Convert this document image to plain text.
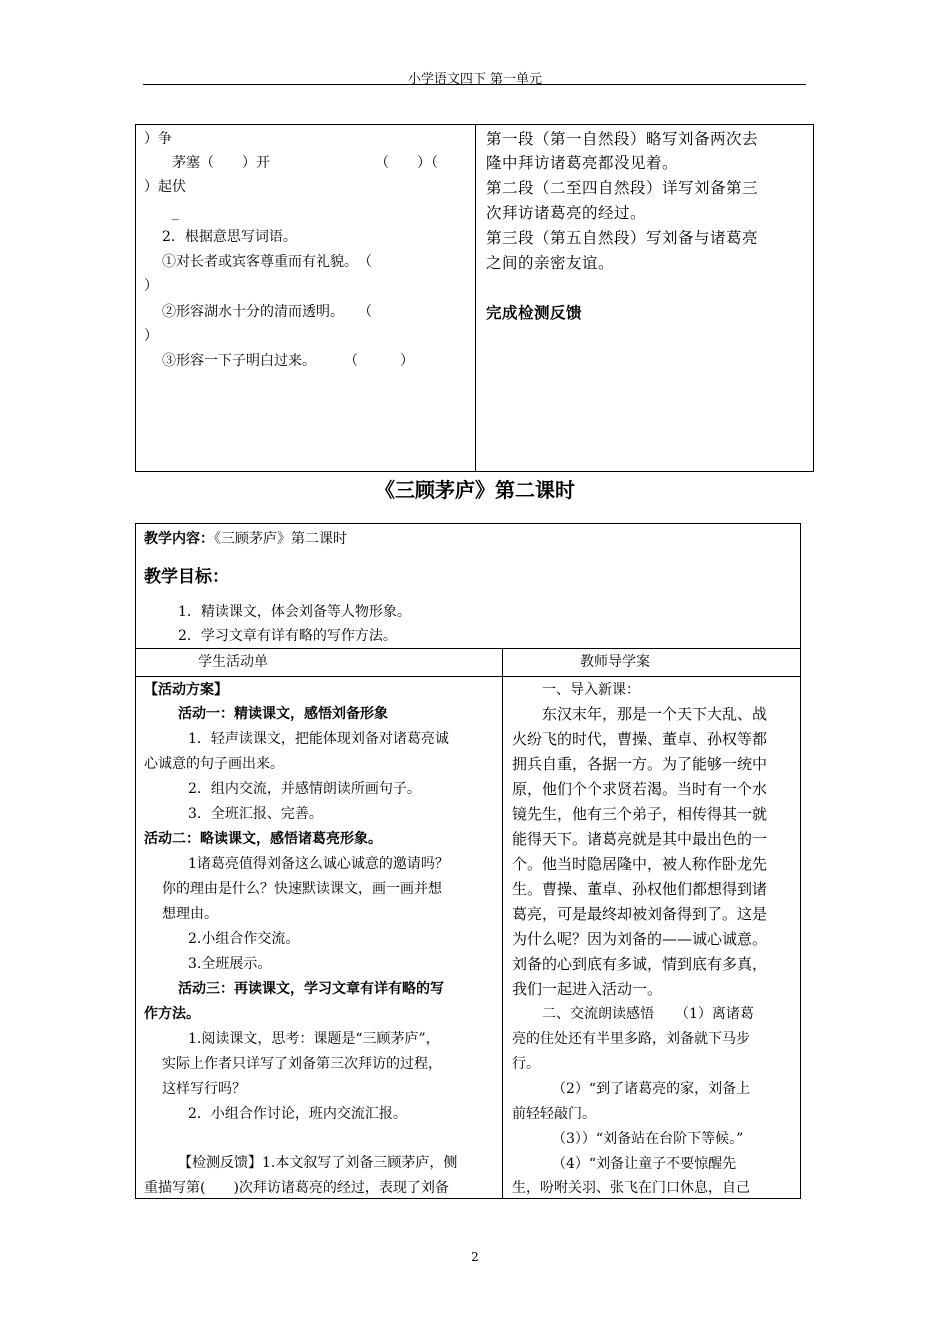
小学语文四下 第一单元
）争
茅塞（　　）开　　　　　　　　（　　）（
）起伏
_
2．根据意思写词语。
①对长者或宾客尊重而有礼貌。　（
）
②形容湖水十分的清而透明。　　（
）
③形容一下子明白过来。　　　（　　　）
第一段（第一自然段）略写刘备两次去
隆中拜访诸葛亮都没见着。
第二段（二至四自然段）详写刘备第三
次拜访诸葛亮的经过。
第三段（第五自然段）写刘备与诸葛亮
之间的亲密友谊。
完成检测反馈
《三顾茅庐》第二课时
教学内容：《三顾茅庐》第二课时
教学目标：
1．精读课文，体会刘备等人物形象。
2．学习文章有详有略的写作方法。
学生活动单	教师导学案
【活动方案】
活动一：精读课文，感悟刘备形象
1．轻声读课文，把能体现刘备对诸葛亮诚
心诚意的句子画出来。
2．组内交流，并感情朗读所画句子。
3．全班汇报、完善。
活动二：略读课文，感悟诸葛亮形象。
1诸葛亮值得刘备这么诚心诚意的邀请吗？
你的理由是什么？快速默读课文，画一画并想
想理由。
2.小组合作交流。
3.全班展示。
活动三：再读课文，学习文章有详有略的写
作方法。
1.阅读课文，思考：课题是“三顾茅庐”，
实际上作者只详写了刘备第三次拜访的过程，
这样写行吗？
2．小组合作讨论，班内交流汇报。
【检测反馈】1.本文叙写了刘备三顾茅庐，侧
重描写第(　　)次拜访诸葛亮的经过，表现了刘备
一、导入新课：
东汉末年，那是一个天下大乱、战
火纷飞的时代，曹操、董卓、孙权等都
拥兵自重，各据一方。为了能够一统中
原，他们个个求贤若渴。当时有一个水
镜先生，他有三个弟子，相传得其一就
能得天下。诸葛亮就是其中最出色的一
个。他当时隐居隆中，被人称作卧龙先
生。曹操、董卓、孙权他们都想得到诸
葛亮，可是最终却被刘备得到了。这是
为什么呢？因为刘备的——诚心诚意。
刘备的心到底有多诚，情到底有多真，
我们一起进入活动一。
二、交流朗读感悟　　（1）离诸葛
亮的住处还有半里多路，刘备就下马步
行。
（2）“到了诸葛亮的家，刘备上
前轻轻敲门。
（3））“刘备站在台阶下等候。”
（4）“刘备让童子不要惊醒先
生，吩咐关羽、张飞在门口休息，自己
2
